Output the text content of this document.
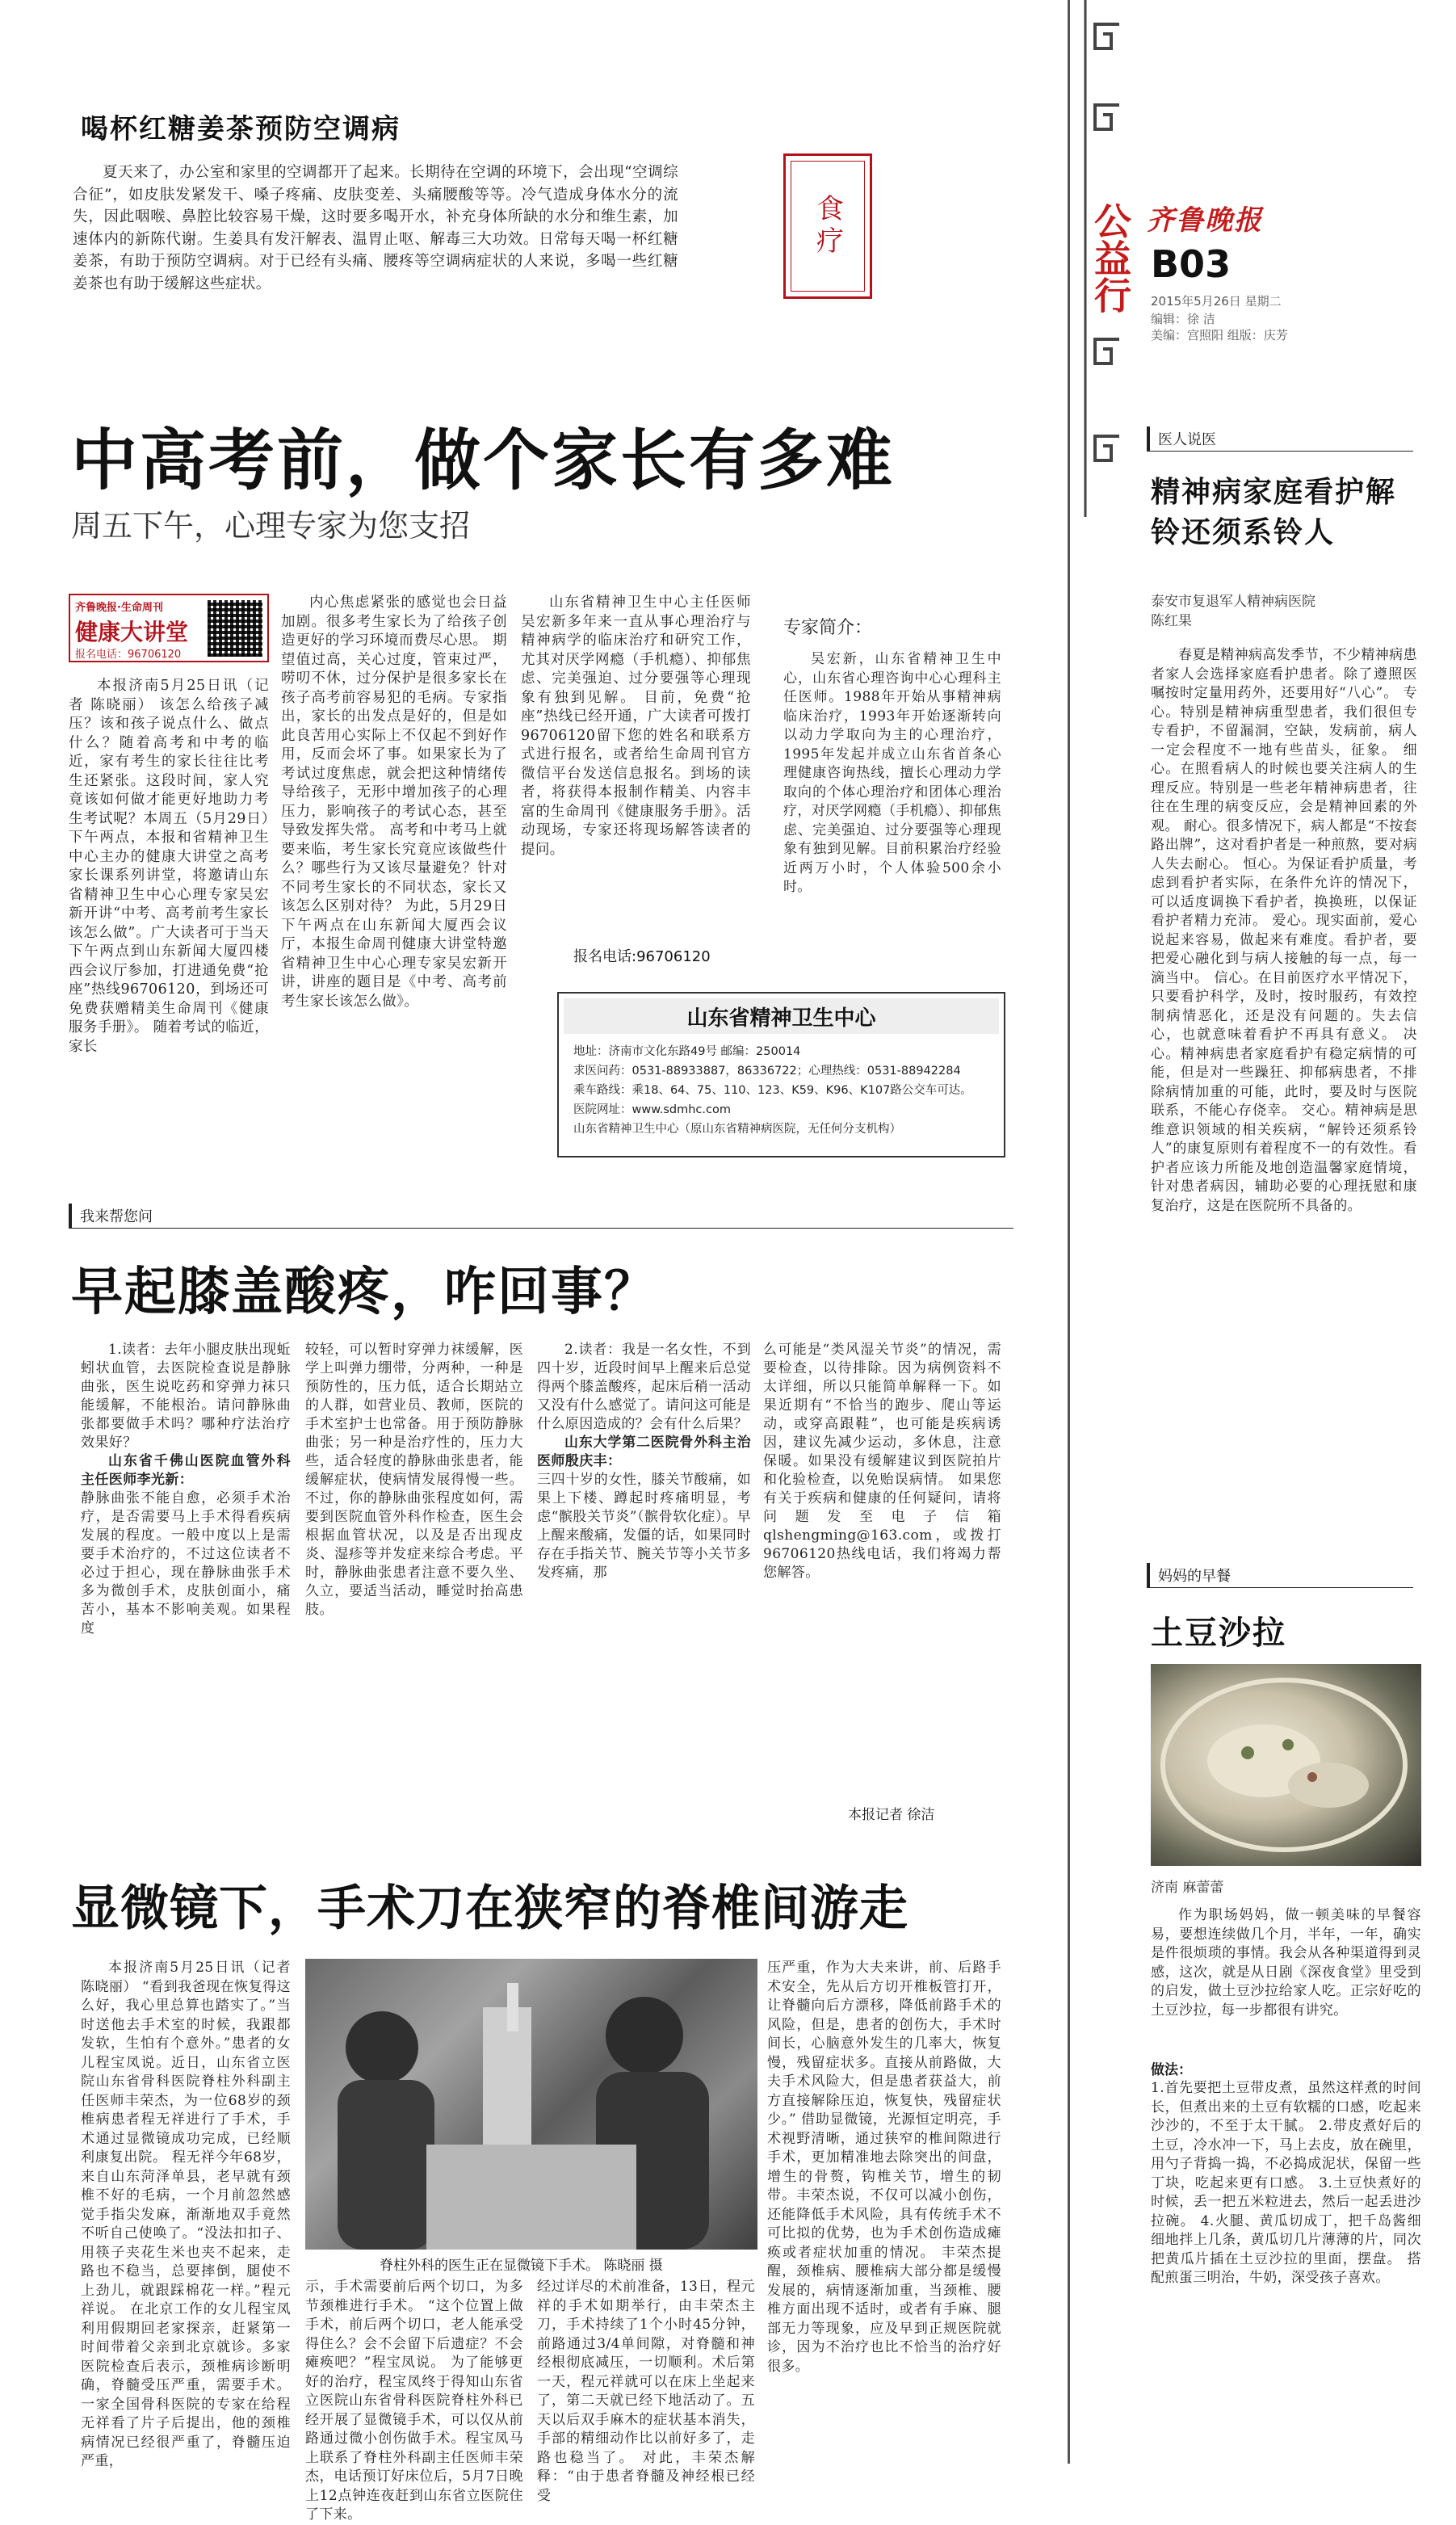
公益行 齐鲁晚报
B03
2015年5月26日 星期二
编辑：徐 洁
美编：宫照阳 组版：庆芳
喝杯红糖姜茶预防空调病

夏天来了，办公室和家里的空调都开了起来。长期待在空调的环境下，会出现“空调综合征”，如皮肤发紧发干、嗓子疼痛、皮肤变差、头痛腰酸等等。冷气造成身体水分的流失，因此咽喉、鼻腔比较容易干燥，这时要多喝开水，补充身体所缺的水分和维生素，加速体内的新陈代谢。生姜具有发汗解表、温胃止呕、解毒三大功效。日常每天喝一杯红糖姜茶，有助于预防空调病。对于已经有头痛、腰疼等空调病症状的人来说，多喝一些红糖姜茶也有助于缓解这些症状。

食疗
中高考前，做个家长有多难
周五下午，心理专家为您支招
齐鲁晚报·生命周刊
健康大讲堂
报名电话：96706120

本报济南5月25日讯（记者 陈晓丽） 该怎么给孩子减压？该和孩子说点什么、做点什么？随着高考和中考的临近，家有考生的家长往往比考生还紧张。这段时间，家人究竟该如何做才能更好地助力考生考试呢？本周五（5月29日）下午两点，本报和省精神卫生中心主办的健康大讲堂之高考家长课系列讲堂，将邀请山东省精神卫生中心心理专家吴宏新开讲“中考、高考前考生家长该怎么做”。广大读者可于当天下午两点到山东新闻大厦四楼西会议厅参加，打进通免费“抢座”热线96706120，到场还可免费获赠精美生命周刊《健康服务手册》。 随着考试的临近，家长

内心焦虑紧张的感觉也会日益加剧。很多考生家长为了给孩子创造更好的学习环境而费尽心思。 期望值过高，关心过度，管束过严，唠叨不休，过分保护是很多家长在孩子高考前容易犯的毛病。专家指出，家长的出发点是好的，但是如此良苦用心实际上不仅起不到好作用，反而会坏了事。如果家长为了考试过度焦虑，就会把这种情绪传导给孩子，无形中增加孩子的心理压力，影响孩子的考试心态，甚至导致发挥失常。 高考和中考马上就要来临，考生家长究竟应该做些什么？哪些行为又该尽量避免？针对不同考生家长的不同状态，家长又该怎么区别对待？ 为此，5月29日下午两点在山东新闻大厦西会议厅，本报生命周刊健康大讲堂特邀省精神卫生中心心理专家吴宏新开讲，讲座的题目是《中考、高考前考生家长该怎么做》。

山东省精神卫生中心主任医师吴宏新多年来一直从事心理治疗与精神病学的临床治疗和研究工作，尤其对厌学网瘾（手机瘾）、抑郁焦虑、完美强迫、过分要强等心理现象有独到见解。 目前，免费“抢座”热线已经开通，广大读者可拨打96706120留下您的姓名和联系方式进行报名，或者给生命周刊官方微信平台发送信息报名。到场的读者，将获得本报制作精美、内容丰富的生命周刊《健康服务手册》。活动现场，专家还将现场解答读者的提问。

报名电话:96706120
专家简介：

吴宏新，山东省精神卫生中心，山东省心理咨询中心心理科主任医师。1988年开始从事精神病临床治疗，1993年开始逐渐转向以动力学取向为主的心理治疗，1995年发起并成立山东省首条心理健康咨询热线，擅长心理动力学取向的个体心理治疗和团体心理治疗，对厌学网瘾（手机瘾）、抑郁焦虑、完美强迫、过分要强等心理现象有独到见解。目前积累治疗经验近两万小时，个人体验500余小时。

山东省精神卫生中心
地址：济南市文化东路49号 邮编：250014
求医问药：0531-88933887，86336722；心理热线：0531-88942284
乘车路线：乘18、64、75、110、123、K59、K96、K107路公交车可达。
医院网址：www.sdmhc.com
山东省精神卫生中心（原山东省精神病医院，无任何分支机构）
我来帮您问
早起膝盖酸疼，咋回事？

1.读者：去年小腿皮肤出现蚯蚓状血管，去医院检查说是静脉曲张，医生说吃药和穿弹力袜只能缓解，不能根治。请问静脉曲张都要做手术吗？哪种疗法治疗效果好？

山东省千佛山医院血管外科主任医师李光新：

静脉曲张不能自愈，必须手术治疗，是否需要马上手术得看疾病发展的程度。一般中度以上是需要手术治疗的，不过这位读者不必过于担心，现在静脉曲张手术多为微创手术，皮肤创面小，痛苦小，基本不影响美观。如果程度

较轻，可以暂时穿弹力袜缓解，医学上叫弹力绷带，分两种，一种是预防性的，压力低，适合长期站立的人群，如营业员、教师，医院的手术室护士也常备。用于预防静脉曲张；另一种是治疗性的，压力大些，适合轻度的静脉曲张患者，能缓解症状，使病情发展得慢一些。不过，你的静脉曲张程度如何，需要到医院血管外科作检查，医生会根据血管状况，以及是否出现皮炎、湿疹等并发症来综合考虑。平时，静脉曲张患者注意不要久坐、久立，要适当活动，睡觉时抬高患肢。

2.读者：我是一名女性，不到四十岁，近段时间早上醒来后总觉得两个膝盖酸疼，起床后稍一活动又没有什么感觉了。请问这可能是什么原因造成的？会有什么后果？

山东大学第二医院骨外科主治医师殷庆丰：

三四十岁的女性，膝关节酸痛，如果上下楼、蹲起时疼痛明显，考虑“髌股关节炎”（髌骨软化症）。早上醒来酸痛，发僵的话，如果同时存在手指关节、腕关节等小关节多发疼痛，那

么可能是“类风湿关节炎”的情况，需要检查，以待排除。因为病例资料不太详细，所以只能简单解释一下。如果近期有“不恰当的跑步、爬山等运动，或穿高跟鞋”，也可能是疾病诱因，建议先减少运动，多休息，注意保暖。如果没有缓解建议到医院拍片和化验检查，以免贻误病情。 如果您有关于疾病和健康的任何疑问，请将问题发至电子信箱qlshengming@163.com，或拨打96706120热线电话，我们将竭力帮您解答。

本报记者 徐洁
显微镜下，手术刀在狭窄的脊椎间游走

本报济南5月25日讯（记者 陈晓丽） “看到我爸现在恢复得这么好，我心里总算也踏实了。”当时送他去手术室的时候，我跟都发软，生怕有个意外。”患者的女儿程宝凤说。近日，山东省立医院山东省骨科医院脊柱外科副主任医师丰荣杰，为一位68岁的颈椎病患者程无祥进行了手术，手术通过显微镜成功完成，已经顺利康复出院。 程无祥今年68岁，来自山东菏泽单县，老早就有颈椎不好的毛病，一个月前忽然感觉手指尖发麻，渐渐地双手竟然不听自己使唤了。“没法扣扣子、用筷子夹花生米也夹不起来，走路也不稳当，总要摔倒，腿使不上劲儿，就跟踩棉花一样。”程元祥说。 在北京工作的女儿程宝凤利用假期回老家探亲，赶紧第一时间带着父亲到北京就诊。多家医院检查后表示，颈椎病诊断明确，脊髓受压严重，需要手术。一家全国骨科医院的专家在给程无祥看了片子后提出，他的颈椎病情况已经很严重了，脊髓压迫严重，

脊柱外科的医生正在显微镜下手术。 陈晓丽 摄

示，手术需要前后两个切口，为多节颈椎进行手术。 “这个位置上做手术，前后两个切口，老人能承受得住么？会不会留下后遗症？不会瘫痪吧？”程宝凤说。 为了能够更好的治疗，程宝凤终于得知山东省立医院山东省骨科医院脊柱外科已经开展了显微镜手术，可以仅从前路通过微小创伤做手术。程宝凤马上联系了脊柱外科副主任医师丰荣杰，电话预订好床位后，5月7日晚上12点钟连夜赶到山东省立医院住了下来。

经过详尽的术前准备，13日，程元祥的手术如期举行，由丰荣杰主刀，手术持续了1个小时45分钟，前路通过3/4单间隙，对脊髓和神经根彻底减压，一切顺利。术后第一天，程元祥就可以在床上坐起来了，第二天就已经下地活动了。五天以后双手麻木的症状基本消失，手部的精细动作比以前好多了，走路也稳当了。 对此，丰荣杰解释：“由于患者脊髓及神经根已经受

压严重，作为大夫来讲，前、后路手术安全，先从后方切开椎板管打开，让脊髓向后方漂移，降低前路手术的风险，但是，患者的创伤大，手术时间长，心脑意外发生的几率大，恢复慢，残留症状多。直接从前路做，大夫手术风险大，但是患者获益大，前方直接解除压迫，恢复快，残留症状少。” 借助显微镜，光源恒定明亮，手术视野清晰，通过狭窄的椎间隙进行手术，更加精准地去除突出的间盘，增生的骨赘，钩椎关节，增生的韧带。丰荣杰说，不仅可以减小创伤，还能降低手术风险，具有传统手术不可比拟的优势，也为手术创伤造成瘫痪或者症状加重的情况。 丰荣杰提醒，颈椎病、腰椎病大部分都是缓慢发展的，病情逐渐加重，当颈椎、腰椎方面出现不适时，或者有手麻、腿部无力等现象，应及早到正规医院就诊，因为不治疗也比不恰当的治疗好很多。

医人说医
精神病家庭看护解铃还须系铃人
泰安市复退军人精神病医院
陈红果

春夏是精神病高发季节，不少精神病患者家人会选择家庭看护患者。除了遵照医嘱按时定量用药外，还要用好“八心”。 专心。特别是精神病重型患者，我们很但专专看护，不留漏洞，空缺，发病前，病人一定会程度不一地有些苗头，征象。 细心。在照看病人的时候也要关注病人的生理反应。特别是一些老年精神病患者，往往在生理的病变反应，会是精神回素的外观。 耐心。很多情况下，病人都是“不按套路出牌”，这对看护者是一种煎熬，要对病人失去耐心。 恒心。为保证看护质量，考虑到看护者实际，在条件允许的情况下，可以适度调换下看护者，换换班，以保证看护者精力充沛。 爱心。现实面前，爱心说起来容易，做起来有难度。看护者，要把爱心融化到与病人接触的每一点，每一滴当中。 信心。在目前医疗水平情况下，只要看护科学，及时，按时服药，有效控制病情恶化，还是没有问题的。失去信心，也就意味着看护不再具有意义。 决心。精神病患者家庭看护有稳定病情的可能，但是对一些躁狂、抑郁病患者，不排除病情加重的可能，此时，要及时与医院联系，不能心存侥幸。 交心。精神病是思维意识领域的相关疾病，“解铃还须系铃人”的康复原则有着程度不一的有效性。看护者应该力所能及地创造温馨家庭情境，针对患者病因，辅助必要的心理抚慰和康复治疗，这是在医院所不具备的。

妈妈的早餐
土豆沙拉
济南 麻蕾蕾

作为职场妈妈，做一顿美味的早餐容易，要想连续做几个月，半年，一年，确实是件很烦琐的事情。我会从各种渠道得到灵感，这次，就是从日剧《深夜食堂》里受到的启发，做土豆沙拉给家人吃。正宗好吃的土豆沙拉，每一步都很有讲究。

做法：

1.首先要把土豆带皮煮，虽然这样煮的时间长，但煮出来的土豆有软糯的口感，吃起来沙沙的，不至于太干腻。 2.带皮煮好后的土豆，冷水冲一下，马上去皮，放在碗里，用勺子背捣一捣，不必捣成泥状，保留一些丁块，吃起来更有口感。 3.土豆快煮好的时候，丢一把五米粒进去，然后一起丢进沙拉碗。 4.火腿、黄瓜切成丁，把千岛酱细细地拌上几条，黄瓜切几片薄薄的片，同次把黄瓜片插在土豆沙拉的里面，摆盘。 搭配煎蛋三明治，牛奶，深受孩子喜欢。
